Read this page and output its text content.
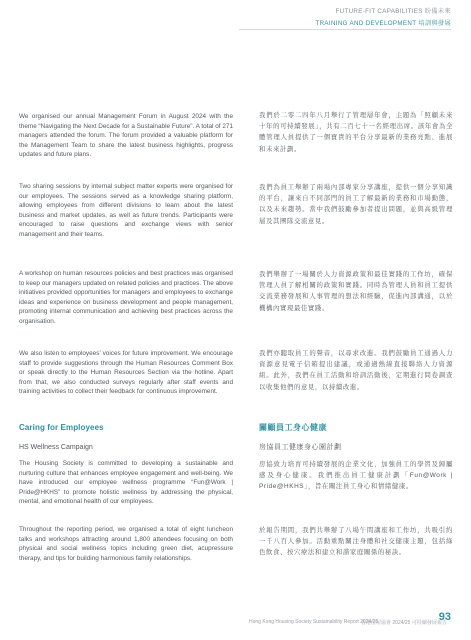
FUTURE-FIT CAPABILITIES 盼備未來
TRAINING AND DEVELOPMENT 培訓與發展
We organised our annual Management Forum in August 2024 with the theme “Navigating the Next Decade for a Sustainable Future”. A total of 271 managers attended the forum. The forum provided a valuable platform for the Management Team to share the latest business highlights, progress updates and future plans.
我們於二零二四年八月舉行了管理層年會，主題為「照顧未來十年的可持續發展」，共有二百七十一名經理出席。該年會為全體管理人員提供了一個寶貴的平台分享最新的業務亮點、進展和未來計劃。
Two sharing sessions by internal subject matter experts were organised for our employees. The sessions served as a knowledge sharing platform, allowing employees from different divisions to learn about the latest business and market updates, as well as future trends. Participants were encouraged to raise questions and exchange views with senior management and their teams.
我們為員工舉辦了兩場內部專家分享講座，提供一個分享知識的平台，讓來自不同部門的員工了解最新的業務和市場動態，以及未來趨勢。當中我們鼓勵參加者提出問題，並與高級管理層及其團隊交流意見。
A workshop on human resources policies and best practices was organised to keep our managers updated on related policies and practices. The above initiatives provided opportunities for managers and employees to exchange ideas and experience on business development and people management, promoting internal communication and achieving best practices across the organisation.
我們舉辦了一場關於人力資源政策和最佳實踐的工作坊，確保管理人員了解相關的政策和實踐。同時為管理人員和員工提供交流業務發展和人事管理的想法和經驗，促進內部溝通，以於機構內實現最佳實踐。
We also listen to employees’ voices for future improvement. We encourage staff to provide suggestions through the Human Resources Comment Box or speak directly to the Human Resources Section via the hotline. Apart from that, we also conducted surveys regularly after staff events and training activities to collect their feedback for continuous improvement.
我們亦聽取員工的聲音，以尋求改進。我們鼓勵員工通過人力資源意見電子信箱提出建議，或通過熱線直接聯絡人力資源組。此外，我們在員工活動和培訓活動後，定期進行問卷調查以收集他們的意見，以持續改進。
Caring for Employees	關顧員工身心健康
HS Wellness Campaign	房協員工健康身心園計劃
The Housing Society is committed to developing a sustainable and nurturing culture that enhances employee engagement and well-being. We have introduced our employee wellness programme “Fun@Work | Pride@HKHS” to promote holistic wellness by addressing the physical, mental, and emotional health of our employees.
房協致力培育可持續發展的企業文化，加強員工的學習及歸屬感及身心健康。我們推出員工健康計劃「Fun@Work | Pride@HKHS」，旨在關注員工身心和情緒健康。
Throughout the reporting period, we organised a total of eight luncheon talks and workshops attracting around 1,800 attendees focusing on both physical and social wellness topics including green diet, acupressure therapy, and tips for building harmonious family relationships.
於報告期間，我們共舉辦了八場午間講座和工作坊，共吸引約一千八百人參加。活動重點關注身體和社交健康主題，包括綠色飲食、按穴療法和建立和諧家庭關係的秘訣。
Hong Kong Housing Society Sustainability Report 2024/25
香港房屋協會 2024/25 可持續發展報告
93
